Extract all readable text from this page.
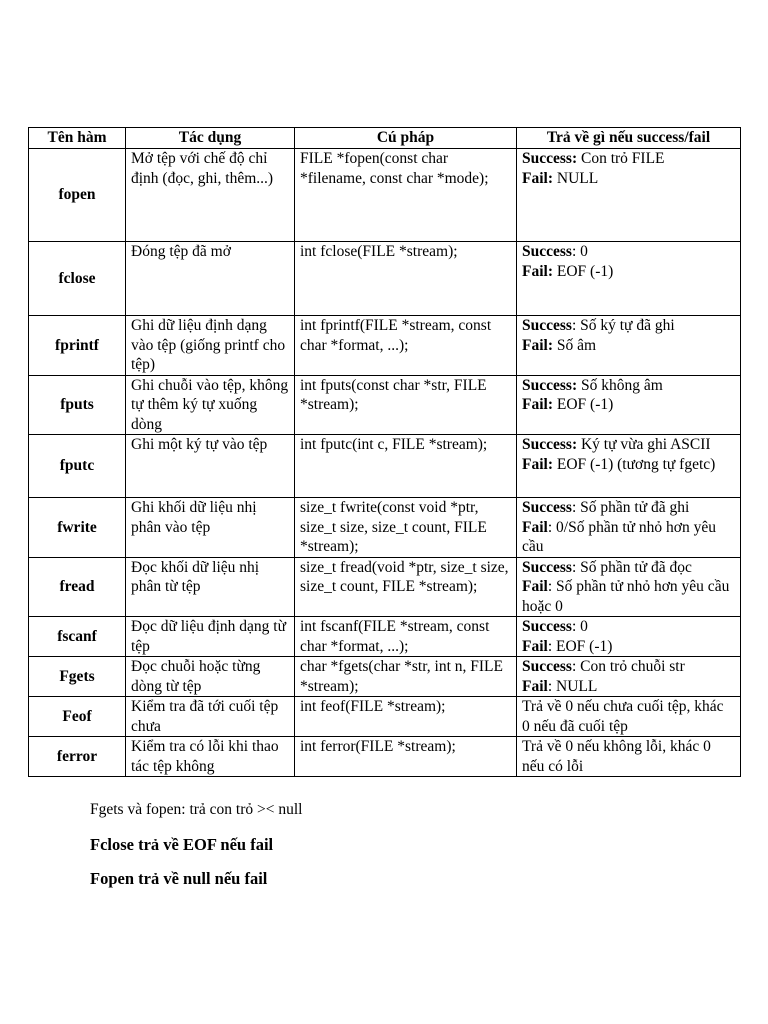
Tên hàm	Tác dụng	Cú pháp	Trả về gì nếu success/fail
fopen	Mở tệp với chế độ chỉ định (đọc, ghi, thêm...)	FILE *fopen(const char *filename, const char *mode);	Success: Con trỏ FILE
Fail: NULL
fclose	Đóng tệp đã mở	int fclose(FILE *stream);	Success: 0
Fail: EOF (-1)
fprintf	Ghi dữ liệu định dạng vào tệp (giống printf cho tệp)	int fprintf(FILE *stream, const char *format, ...);	Success: Số ký tự đã ghi
Fail: Số âm
fputs	Ghi chuỗi vào tệp, không tự thêm ký tự xuống dòng	int fputs(const char *str, FILE *stream);	Success: Số không âm
Fail: EOF (-1)
fputc	Ghi một ký tự vào tệp	int fputc(int c, FILE *stream);	Success: Ký tự vừa ghi ASCII
Fail: EOF (-1) (tương tự fgetc)
fwrite	Ghi khối dữ liệu nhị phân vào tệp	size_t fwrite(const void *ptr, size_t size, size_t count, FILE *stream);	Success: Số phần tử đã ghi
Fail: 0/Số phần tử nhỏ hơn yêu cầu
fread	Đọc khối dữ liệu nhị phân từ tệp	size_t fread(void *ptr, size_t size, size_t count, FILE *stream);	Success: Số phần tử đã đọc
Fail: Số phần tử nhỏ hơn yêu cầu hoặc 0
fscanf	Đọc dữ liệu định dạng từ tệp	int fscanf(FILE *stream, const char *format, ...);	Success: 0
Fail: EOF (-1)
Fgets	Đọc chuỗi hoặc từng dòng từ tệp	char *fgets(char *str, int n, FILE *stream);	Success: Con trỏ chuỗi str
Fail: NULL
Feof	Kiểm tra đã tới cuối tệp chưa	int feof(FILE *stream);	Trả về 0 nếu chưa cuối tệp, khác 0 nếu đã cuối tệp
ferror	Kiểm tra có lỗi khi thao tác tệp không	int ferror(FILE *stream);	Trả về 0 nếu không lỗi, khác 0 nếu có lỗi
Fgets và fopen: trả con trỏ >< null
Fclose trả về EOF nếu fail
Fopen trả về null nếu fail
